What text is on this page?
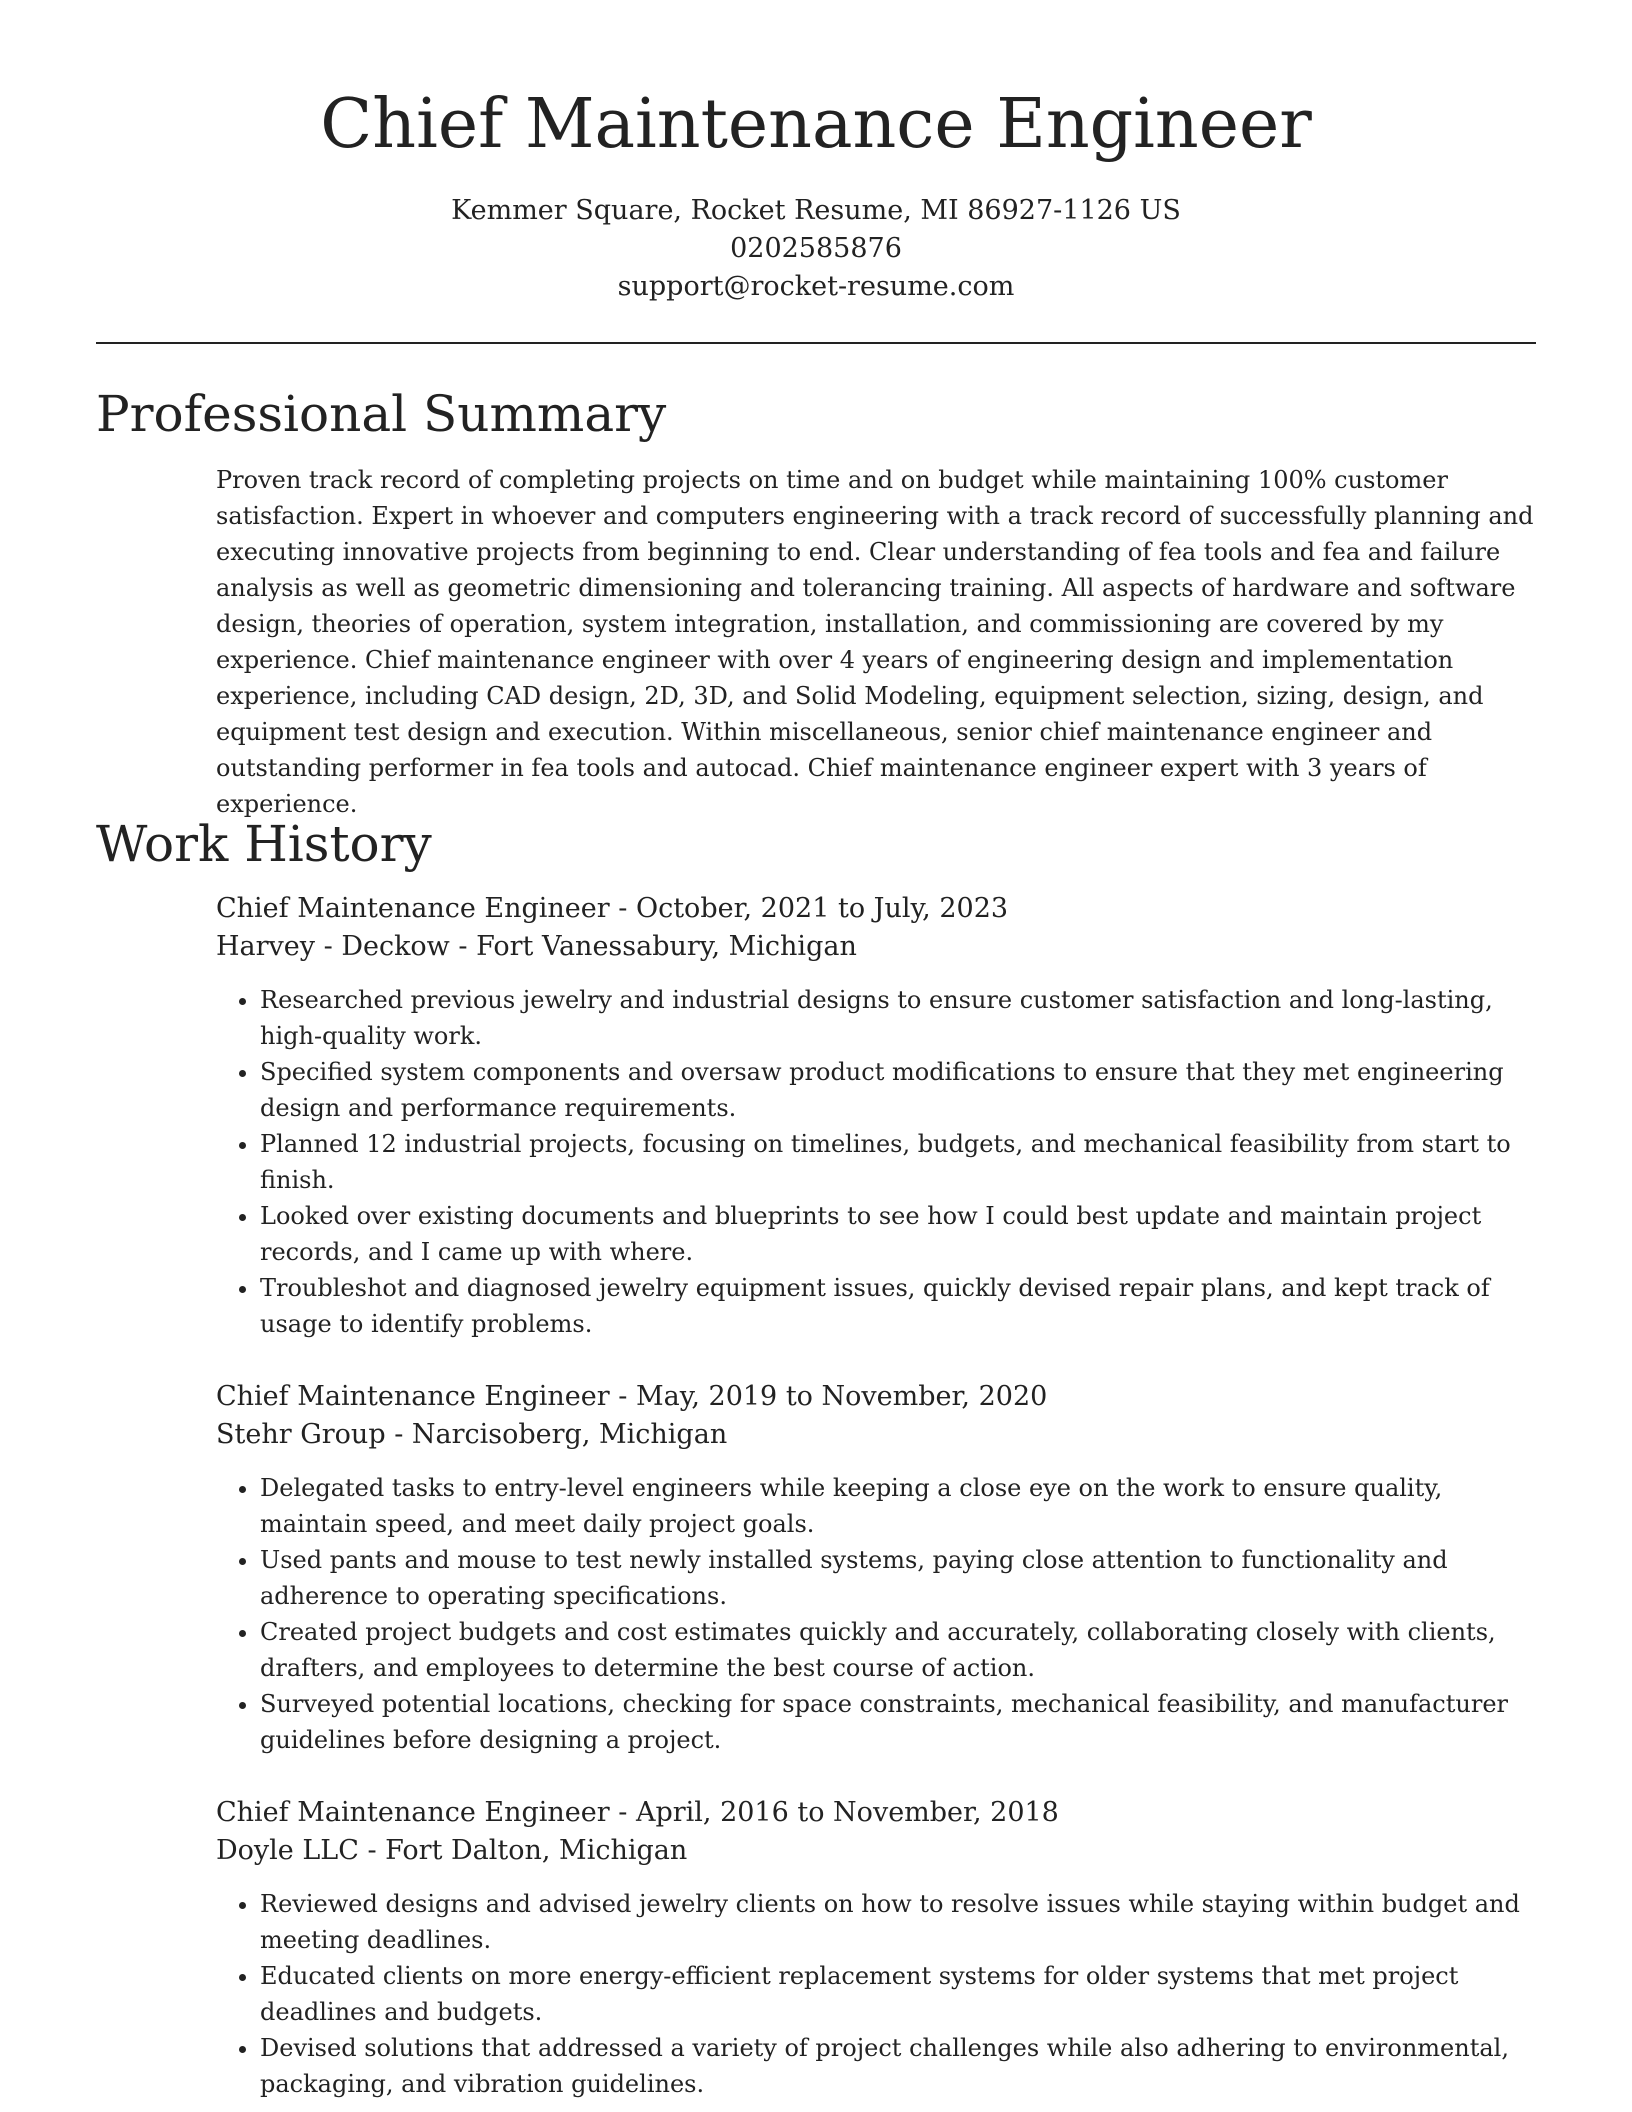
Chief Maintenance Engineer
Kemmer Square, Rocket Resume, MI 86927-1126 US
0202585876
support@rocket-resume.com
Professional Summary

Proven track record of completing projects on time and on budget while maintaining 100% customer satisfaction. Expert in whoever and computers engineering with a track record of successfully planning and executing innovative projects from beginning to end. Clear understanding of fea tools and fea and failure analysis as well as geometric dimensioning and tolerancing training. All aspects of hardware and software design, theories of operation, system integration, installation, and commissioning are covered by my experience. Chief maintenance engineer with over 4 years of engineering design and implementation experience, including CAD design, 2D, 3D, and Solid Modeling, equipment selection, sizing, design, and equipment test design and execution. Within miscellaneous, senior chief maintenance engineer and outstanding performer in fea tools and autocad. Chief maintenance engineer expert with 3 years of experience.

Work History
Chief Maintenance Engineer - October, 2021 to July, 2023
Harvey - Deckow - Fort Vanessabury, Michigan
• Researched previous jewelry and industrial designs to ensure customer satisfaction and long-lasting, high-quality work.
• Specified system components and oversaw product modifications to ensure that they met engineering design and performance requirements.
• Planned 12 industrial projects, focusing on timelines, budgets, and mechanical feasibility from start to finish.
• Looked over existing documents and blueprints to see how I could best update and maintain project records, and I came up with where.
• Troubleshot and diagnosed jewelry equipment issues, quickly devised repair plans, and kept track of usage to identify problems.
Chief Maintenance Engineer - May, 2019 to November, 2020
Stehr Group - Narcisoberg, Michigan
• Delegated tasks to entry-level engineers while keeping a close eye on the work to ensure quality, maintain speed, and meet daily project goals.
• Used pants and mouse to test newly installed systems, paying close attention to functionality and adherence to operating specifications.
• Created project budgets and cost estimates quickly and accurately, collaborating closely with clients, drafters, and employees to determine the best course of action.
• Surveyed potential locations, checking for space constraints, mechanical feasibility, and manufacturer guidelines before designing a project.
Chief Maintenance Engineer - April, 2016 to November, 2018
Doyle LLC - Fort Dalton, Michigan
• Reviewed designs and advised jewelry clients on how to resolve issues while staying within budget and meeting deadlines.
• Educated clients on more energy-efficient replacement systems for older systems that met project deadlines and budgets.
• Devised solutions that addressed a variety of project challenges while also adhering to environmental, packaging, and vibration guidelines.
